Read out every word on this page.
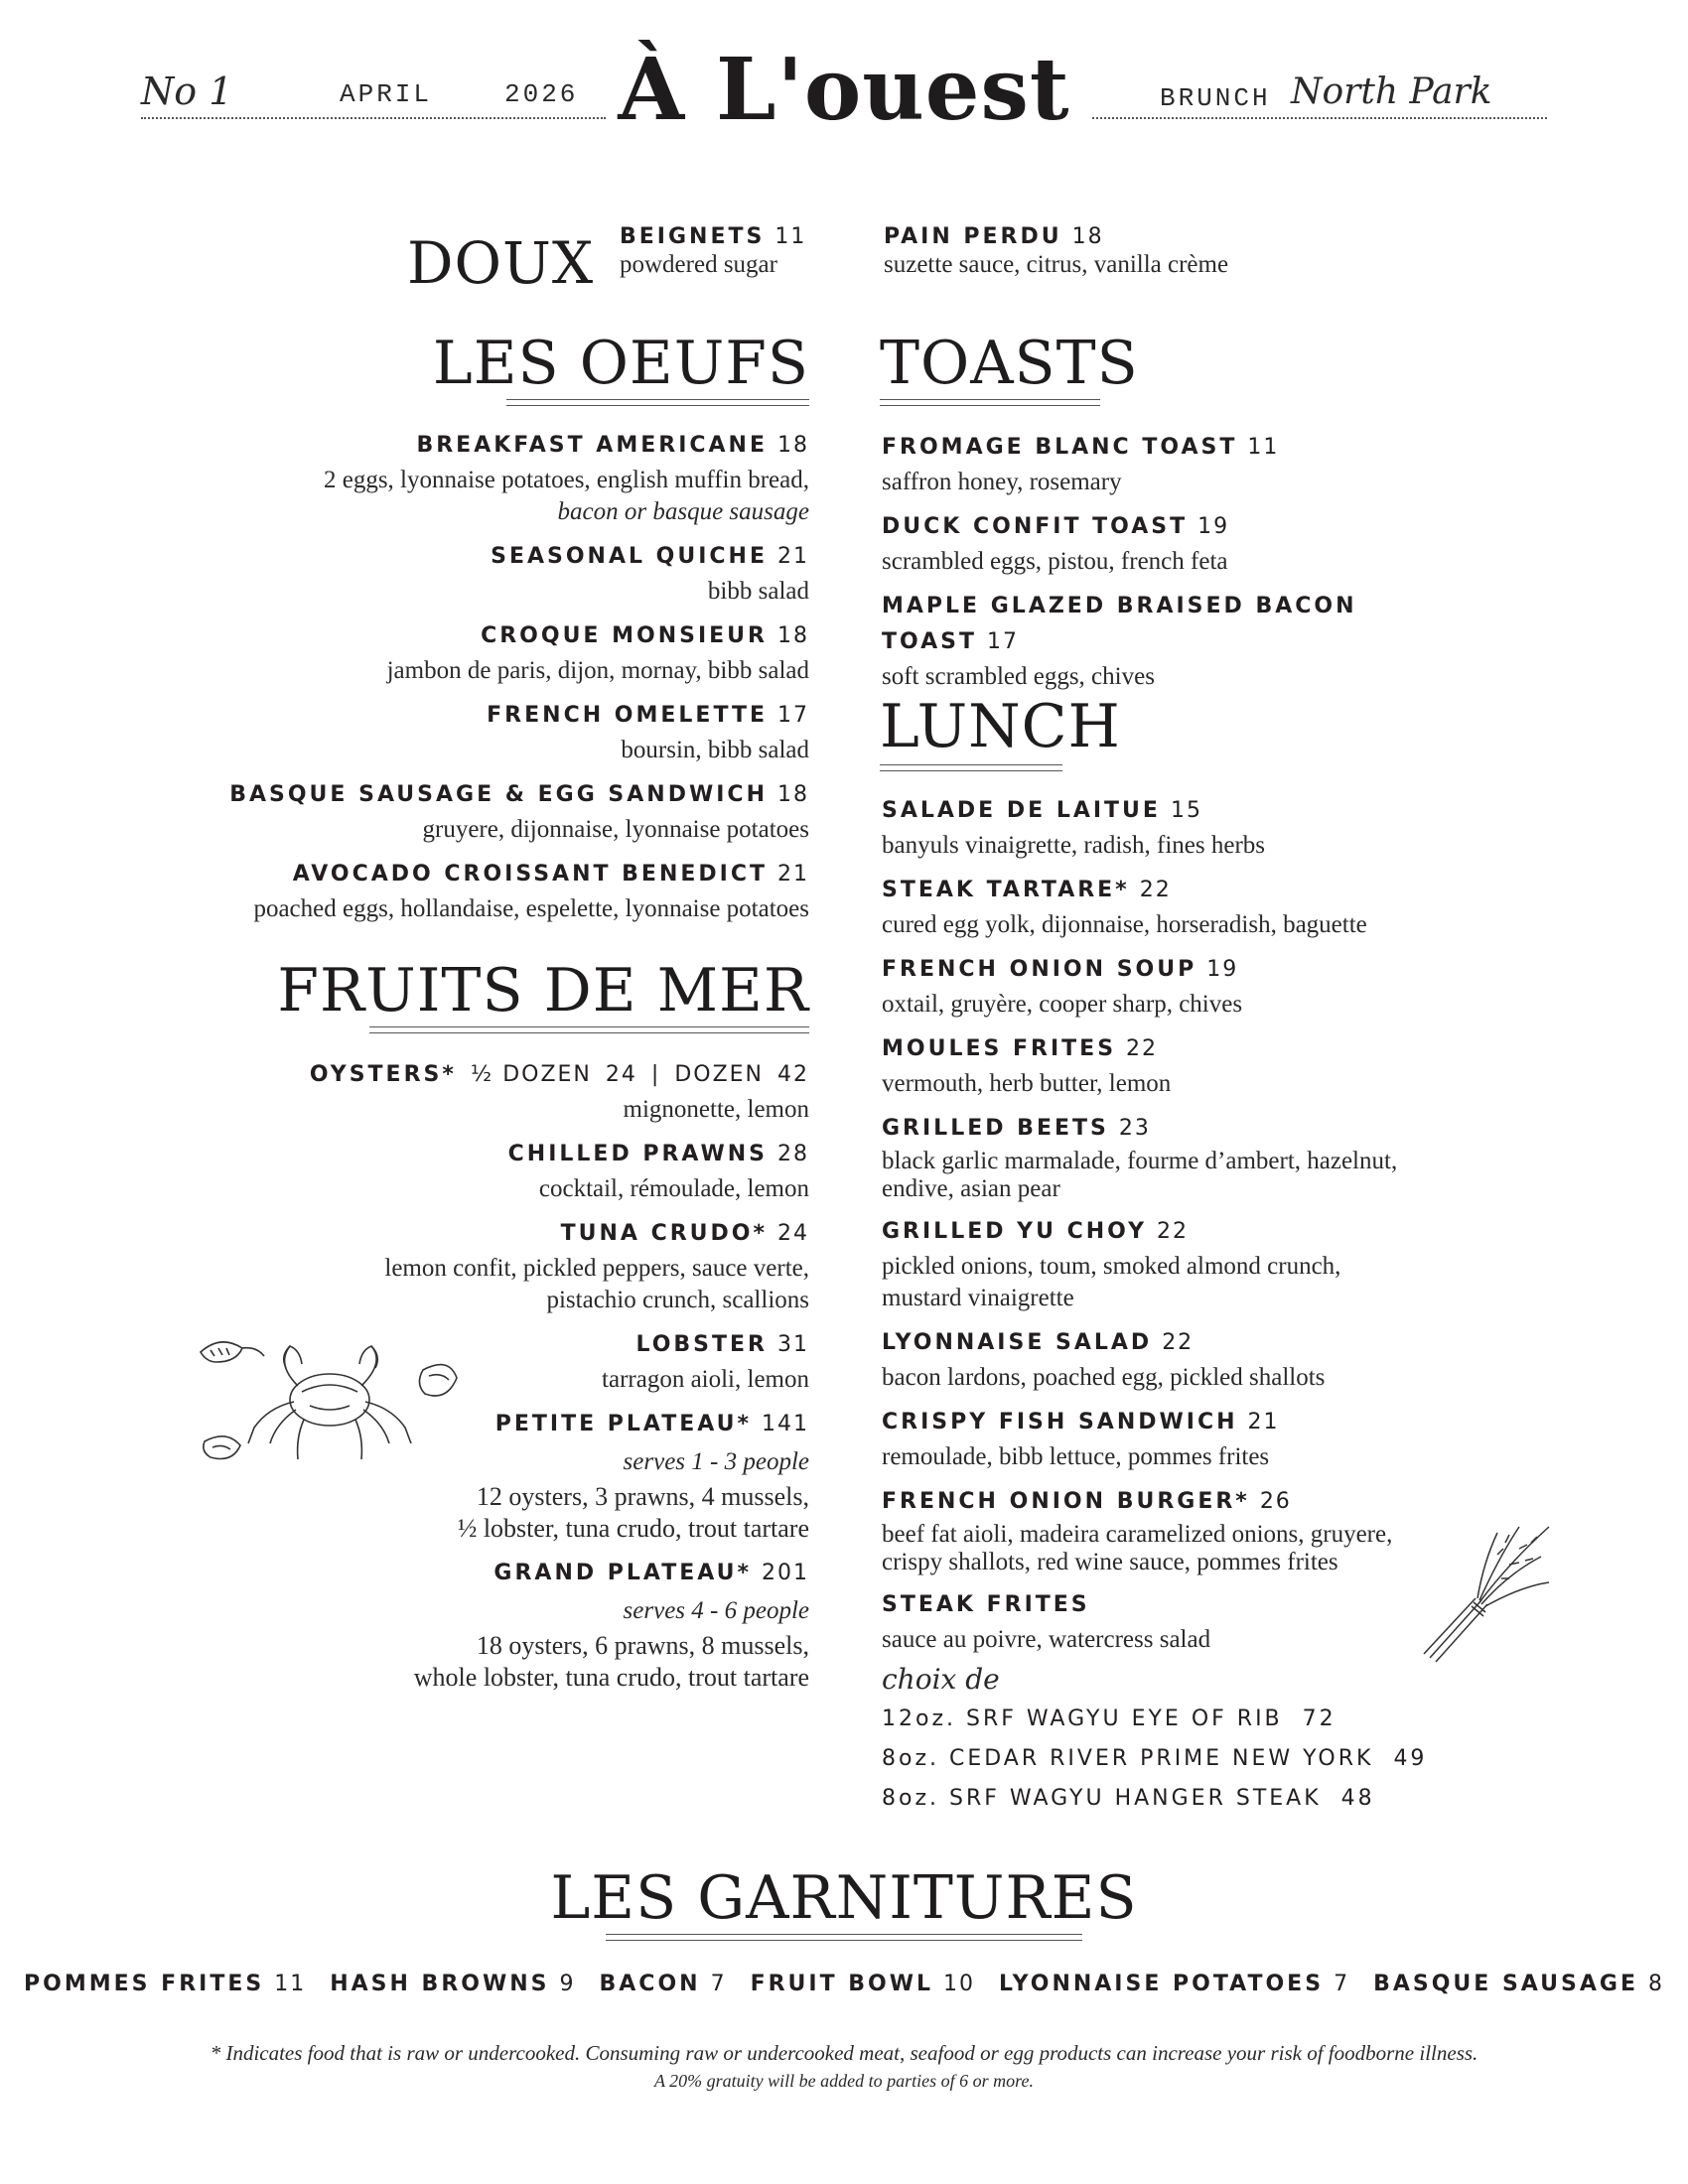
No 1	APRIL	2026 À L'ouest	BRUNCH North Park
DOUX BEIGNETS 11
powdered sugar
PAIN PERDU 18
suzette sauce, citrus, vanilla crème
LES OEUFS
BREAKFAST AMERICANE 18
2 eggs, lyonnaise potatoes, english muffin bread,
bacon or basque sausage
SEASONAL QUICHE 21
bibb salad
CROQUE MONSIEUR 18
jambon de paris, dijon, mornay, bibb salad
FRENCH OMELETTE 17
boursin, bibb salad
BASQUE SAUSAGE & EGG SANDWICH 18
gruyere, dijonnaise, lyonnaise potatoes
AVOCADO CROISSANT BENEDICT 21
poached eggs, hollandaise, espelette, lyonnaise potatoes
FRUITS DE MER
OYSTERS* ½ DOZEN 24 | DOZEN 42
mignonette, lemon
CHILLED PRAWNS 28
cocktail, rémoulade, lemon
TUNA CRUDO* 24
lemon confit, pickled peppers, sauce verte,
pistachio crunch, scallions
LOBSTER 31
tarragon aioli, lemon
PETITE PLATEAU* 141
serves 1 - 3 people
12 oysters, 3 prawns, 4 mussels,
½ lobster, tuna crudo, trout tartare
GRAND PLATEAU* 201
serves 4 - 6 people
18 oysters, 6 prawns, 8 mussels,
whole lobster, tuna crudo, trout tartare
TOASTS
FROMAGE BLANC TOAST 11
saffron honey, rosemary
DUCK CONFIT TOAST 19
scrambled eggs, pistou, french feta
MAPLE GLAZED BRAISED BACON TOAST 17
soft scrambled eggs, chives
LUNCH
SALADE DE LAITUE 15
banyuls vinaigrette, radish, fines herbs
STEAK TARTARE* 22
cured egg yolk, dijonnaise, horseradish, baguette
FRENCH ONION SOUP 19
oxtail, gruyère, cooper sharp, chives
MOULES FRITES 22
vermouth, herb butter, lemon
GRILLED BEETS 23
black garlic marmalade, fourme d’ambert, hazelnut,
endive, asian pear
GRILLED YU CHOY 22
pickled onions, toum, smoked almond crunch,
mustard vinaigrette
LYONNAISE SALAD 22
bacon lardons, poached egg, pickled shallots
CRISPY FISH SANDWICH 21
remoulade, bibb lettuce, pommes frites
FRENCH ONION BURGER* 26
beef fat aioli, madeira caramelized onions, gruyere,
crispy shallots, red wine sauce, pommes frites
STEAK FRITES
sauce au poivre, watercress salad
choix de
12oz. SRF WAGYU EYE OF RIB 72
8oz. CEDAR RIVER PRIME NEW YORK 49
8oz. SRF WAGYU HANGER STEAK 48
LES GARNITURES
POMMES FRITES 11 HASH BROWNS 9 BACON 7 FRUIT BOWL 10 LYONNAISE POTATOES 7 BASQUE SAUSAGE 8
* Indicates food that is raw or undercooked. Consuming raw or undercooked meat, seafood or egg products can increase your risk of foodborne illness.
A 20% gratuity will be added to parties of 6 or more.
